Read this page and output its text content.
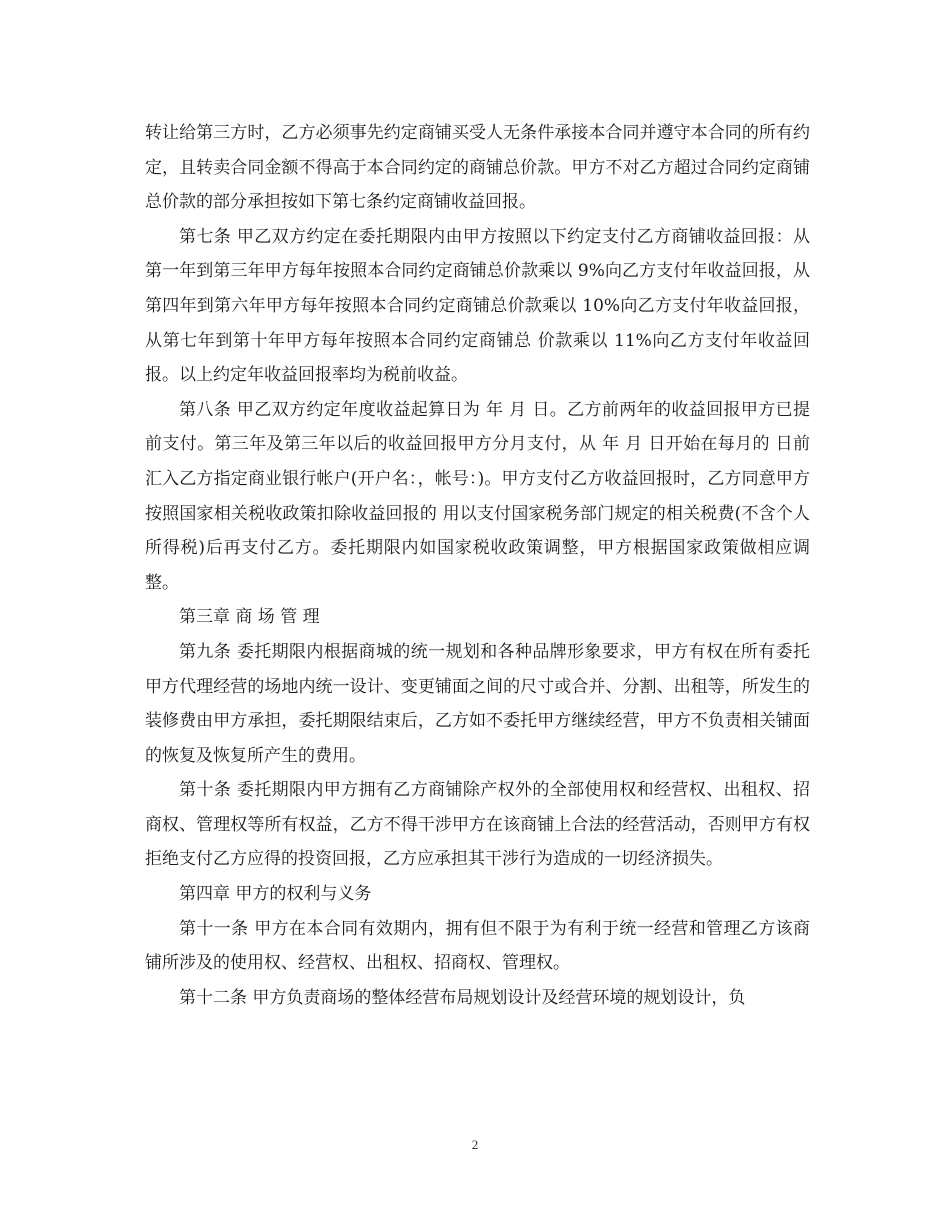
转让给第三方时，乙方必须事先约定商铺买受人无条件承接本合同并遵守本合同的所有约定，且转卖合同金额不得高于本合同约定的商铺总价款。甲方不对乙方超过合同约定商铺总价款的部分承担按如下第七条约定商铺收益回报。

第七条 甲乙双方约定在委托期限内由甲方按照以下约定支付乙方商铺收益回报：从第一年到第三年甲方每年按照本合同约定商铺总价款乘以 9%向乙方支付年收益回报，从第四年到第六年甲方每年按照本合同约定商铺总价款乘以 10%向乙方支付年收益回报，从第七年到第十年甲方每年按照本合同约定商铺总 价款乘以 11%向乙方支付年收益回报。以上约定年收益回报率均为税前收益。

第八条 甲乙双方约定年度收益起算日为 年 月 日。乙方前两年的收益回报甲方已提前支付。第三年及第三年以后的收益回报甲方分月支付，从 年 月 日开始在每月的 日前汇入乙方指定商业银行帐户(开户名：，帐号：)。甲方支付乙方收益回报时，乙方同意甲方按照国家相关税收政策扣除收益回报的 用以支付国家税务部门规定的相关税费(不含个人所得税)后再支付乙方。委托期限内如国家税收政策调整，甲方根据国家政策做相应调整。

第三章 商 场 管 理

第九条 委托期限内根据商城的统一规划和各种品牌形象要求，甲方有权在所有委托甲方代理经营的场地内统一设计、变更铺面之间的尺寸或合并、分割、出租等，所发生的装修费由甲方承担，委托期限结束后，乙方如不委托甲方继续经营，甲方不负责相关铺面的恢复及恢复所产生的费用。

第十条 委托期限内甲方拥有乙方商铺除产权外的全部使用权和经营权、出租权、招商权、管理权等所有权益，乙方不得干涉甲方在该商铺上合法的经营活动，否则甲方有权拒绝支付乙方应得的投资回报，乙方应承担其干涉行为造成的一切经济损失。

第四章 甲方的权利与义务

第十一条 甲方在本合同有效期内，拥有但不限于为有利于统一经营和管理乙方该商铺所涉及的使用权、经营权、出租权、招商权、管理权。

第十二条 甲方负责商场的整体经营布局规划设计及经营环境的规划设计，负

2
